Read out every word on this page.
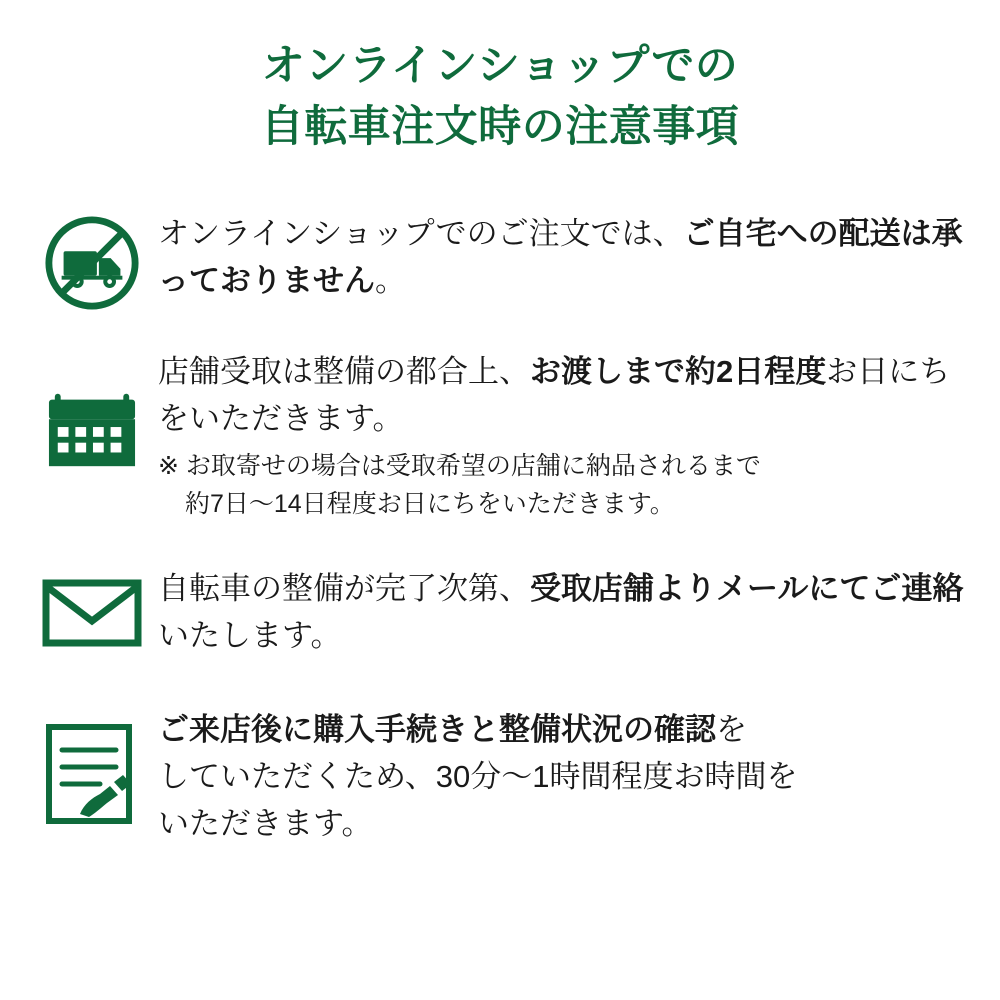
オンラインショップでの
自転車注文時の注意事項
オンラインショップでのご注文では、ご自宅への配送は承っておりません。
店舗受取は整備の都合上、お渡しまで約2日程度お日にちをいただきます。
※ お取寄せの場合は受取希望の店舗に納品されるまで
約7日〜14日程度お日にちをいただきます。
自転車の整備が完了次第、受取店舗よりメールにてご連絡いたします。
ご来店後に購入手続きと整備状況の確認を
していただくため、30分〜1時間程度お時間を
いただきます。
